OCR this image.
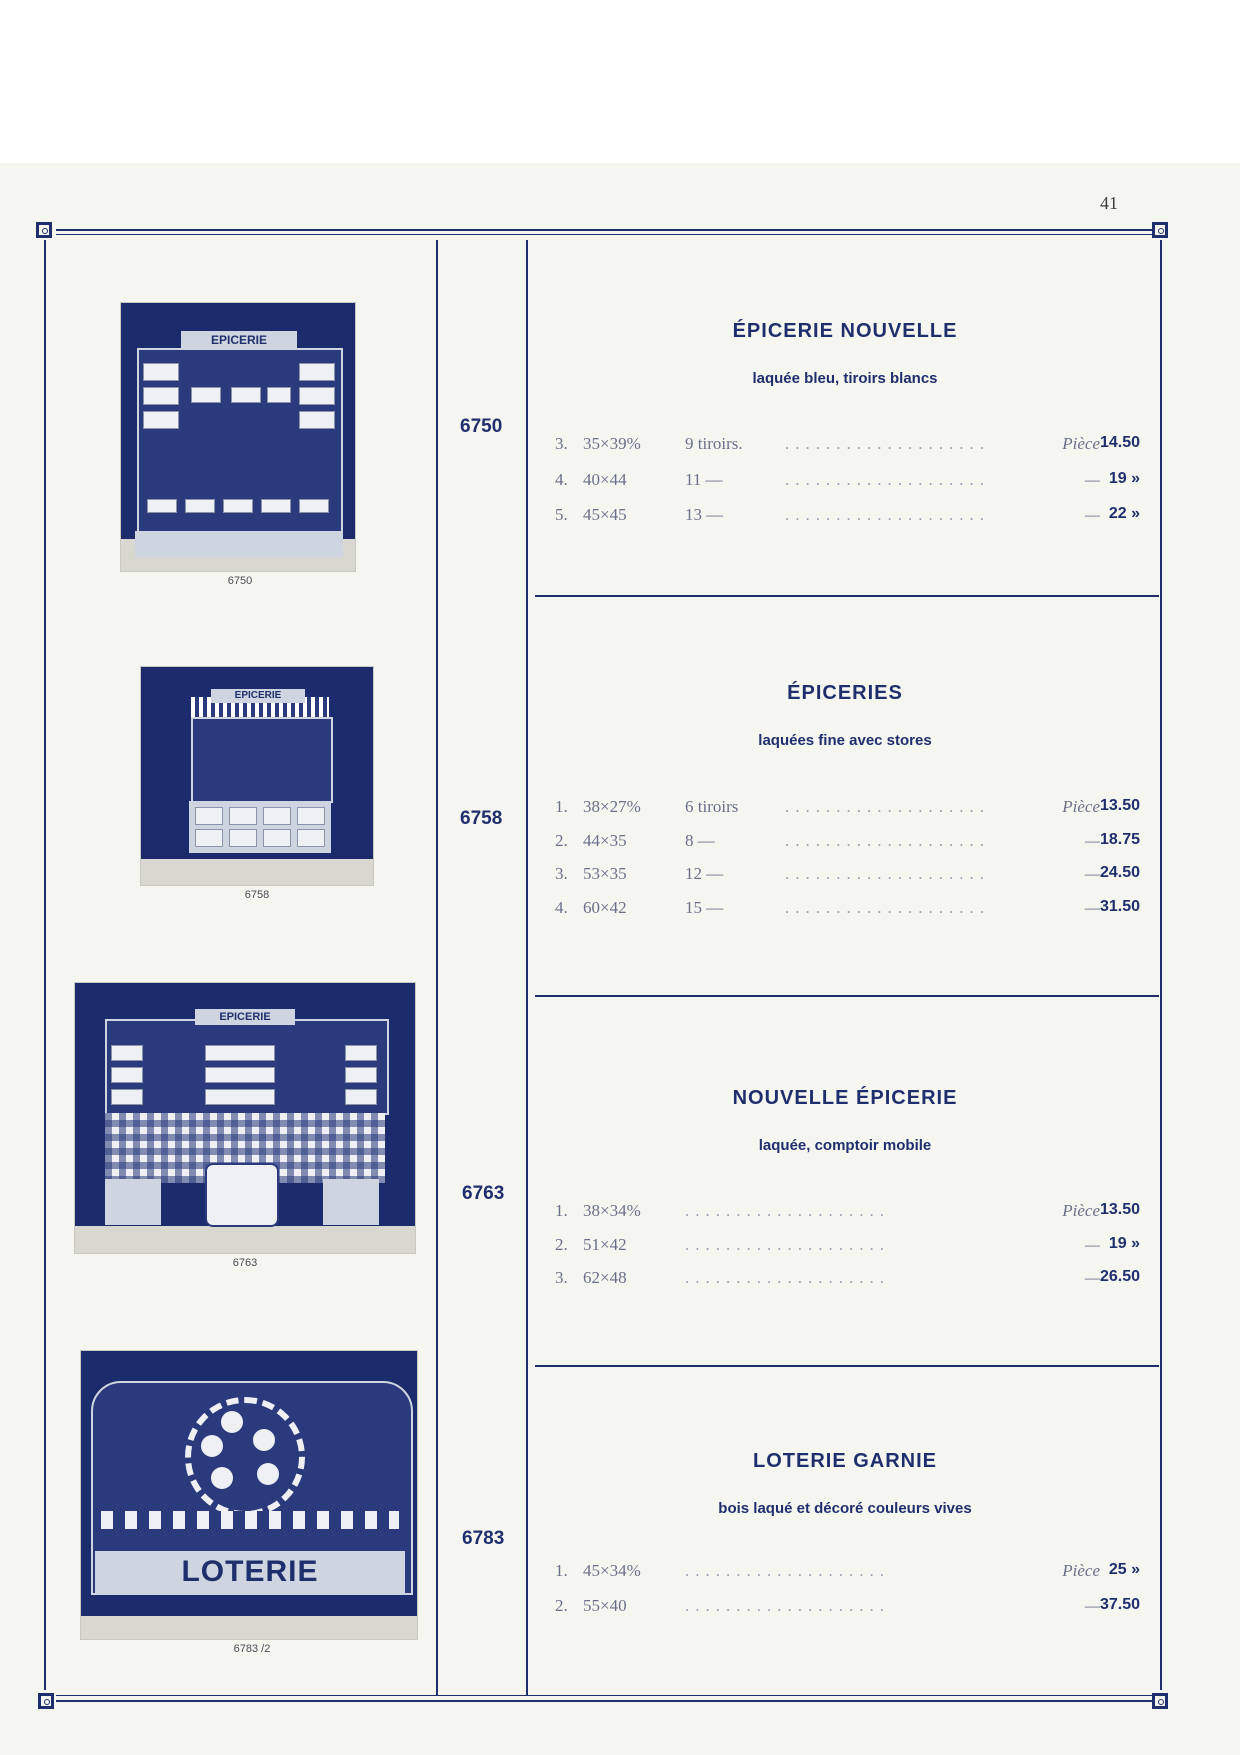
41
EPICERIE
6750
EPICERIE
6758
EPICERIE
6763
LOTERIE
6783 /2
6750
6758
6763
6783
ÉPICERIE NOUVELLE
laquée bleu, tiroirs blancs
3. 35×39%	9 tiroirs. ....................	Pièce 14.50
4. 40×44	11 —	....................	— 19 »
5. 45×45	13 —	....................	— 22 »
ÉPICERIES
laquées fine avec stores
1. 38×27%	6 tiroirs	....................	Pièce 13.50
2. 44×35	8 —	....................	— 18.75
3. 53×35	12 —	....................	— 24.50
4. 60×42	15 —	....................	— 31.50
NOUVELLE ÉPICERIE
laquée, comptoir mobile
1. 38×34%	....................	Pièce 13.50
2. 51×42	....................	— 19 »
3. 62×48	....................	— 26.50
LOTERIE GARNIE
bois laqué et décoré couleurs vives
1. 45×34%	....................	Pièce 25 »
2. 55×40	....................	— 37.50
